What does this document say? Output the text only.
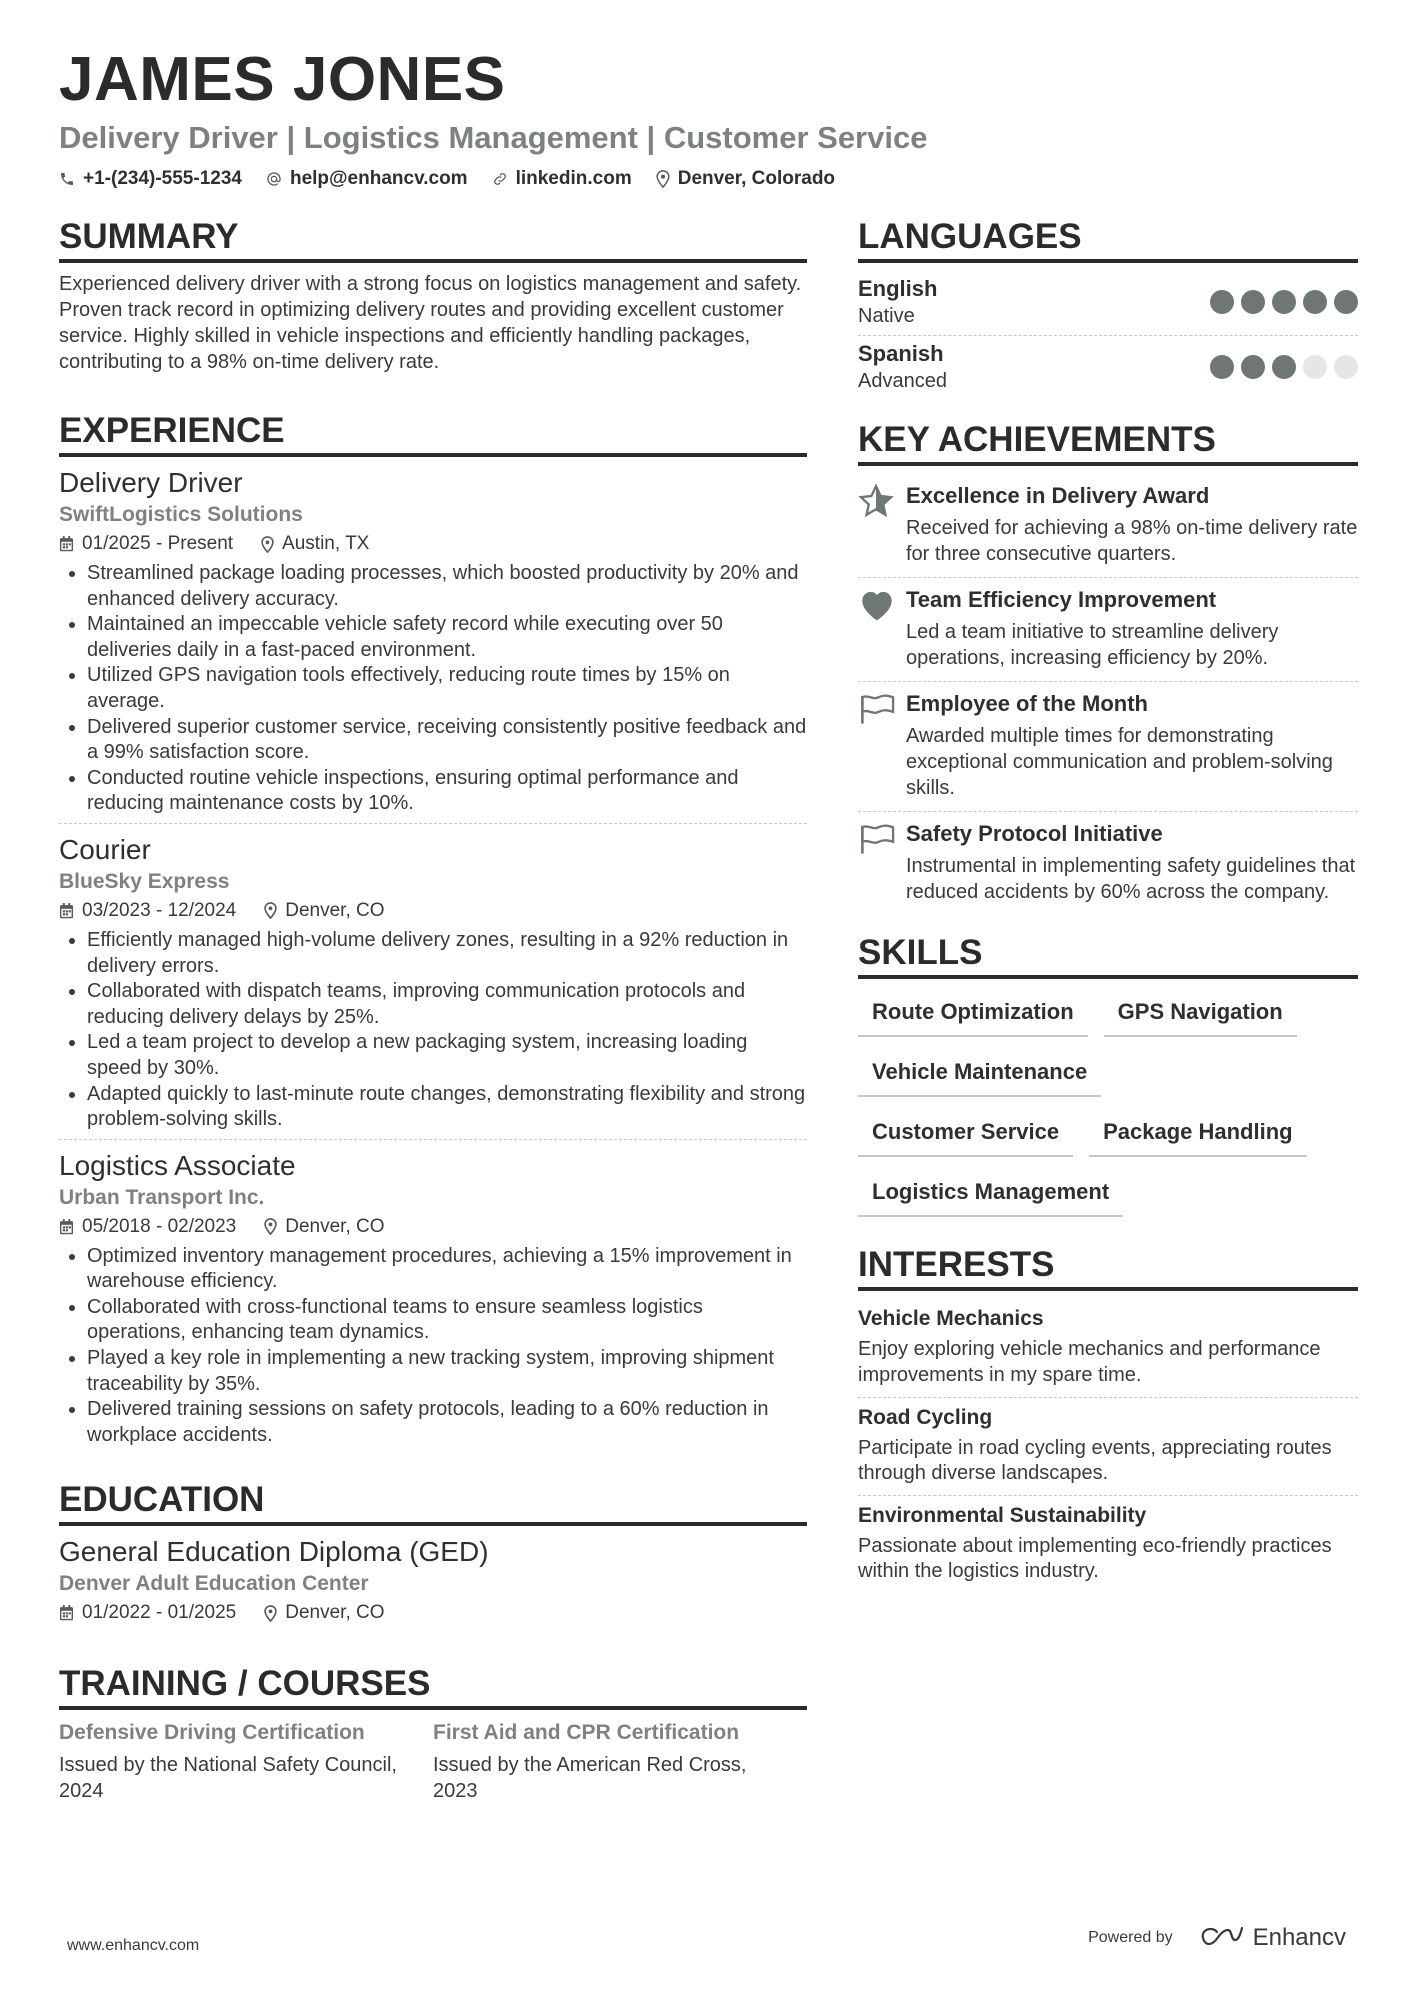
JAMES JONES
Delivery Driver | Logistics Management | Customer Service
+1-(234)-555-1234	help@enhancv.com	linkedin.com Denver, Colorado
SUMMARY
Experienced delivery driver with a strong focus on logistics management and safety. Proven track record in optimizing delivery routes and providing excellent customer service. Highly skilled in vehicle inspections and efficiently handling packages, contributing to a 98% on-time delivery rate.
EXPERIENCE
Delivery Driver
SwiftLogistics Solutions
01/2025 - Present	Austin, TX
Streamlined package loading processes, which boosted productivity by 20% and enhanced delivery accuracy.
Maintained an impeccable vehicle safety record while executing over 50 deliveries daily in a fast-paced environment.
Utilized GPS navigation tools effectively, reducing route times by 15% on average.
Delivered superior customer service, receiving consistently positive feedback and a 99% satisfaction score.
Conducted routine vehicle inspections, ensuring optimal performance and reducing maintenance costs by 10%.
Courier
BlueSky Express
03/2023 - 12/2024	Denver, CO
Efficiently managed high-volume delivery zones, resulting in a 92% reduction in delivery errors.
Collaborated with dispatch teams, improving communication protocols and reducing delivery delays by 25%.
Led a team project to develop a new packaging system, increasing loading speed by 30%.
Adapted quickly to last-minute route changes, demonstrating flexibility and strong problem-solving skills.
Logistics Associate
Urban Transport Inc.
05/2018 - 02/2023	Denver, CO
Optimized inventory management procedures, achieving a 15% improvement in warehouse efficiency.
Collaborated with cross-functional teams to ensure seamless logistics operations, enhancing team dynamics.
Played a key role in implementing a new tracking system, improving shipment traceability by 35%.
Delivered training sessions on safety protocols, leading to a 60% reduction in workplace accidents.
EDUCATION
General Education Diploma (GED)
Denver Adult Education Center
01/2022 - 01/2025	Denver, CO
TRAINING / COURSES
Defensive Driving Certification
Issued by the National Safety Council, 2024
First Aid and CPR Certification
Issued by the American Red Cross, 2023
LANGUAGES
English
Native
Spanish
Advanced
KEY ACHIEVEMENTS
Excellence in Delivery Award
Received for achieving a 98% on-time delivery rate for three consecutive quarters.
Team Efficiency Improvement
Led a team initiative to streamline delivery operations, increasing efficiency by 20%.
Employee of the Month
Awarded multiple times for demonstrating exceptional communication and problem-solving skills.
Safety Protocol Initiative
Instrumental in implementing safety guidelines that reduced accidents by 60% across the company.
SKILLS
Route Optimization	GPS Navigation
Vehicle Maintenance
Customer Service	Package Handling
Logistics Management
INTERESTS
Vehicle Mechanics
Enjoy exploring vehicle mechanics and performance improvements in my spare time.
Road Cycling
Participate in road cycling events, appreciating routes through diverse landscapes.
Environmental Sustainability
Passionate about implementing eco-friendly practices within the logistics industry.
www.enhancv.com	Powered by	Enhancv
